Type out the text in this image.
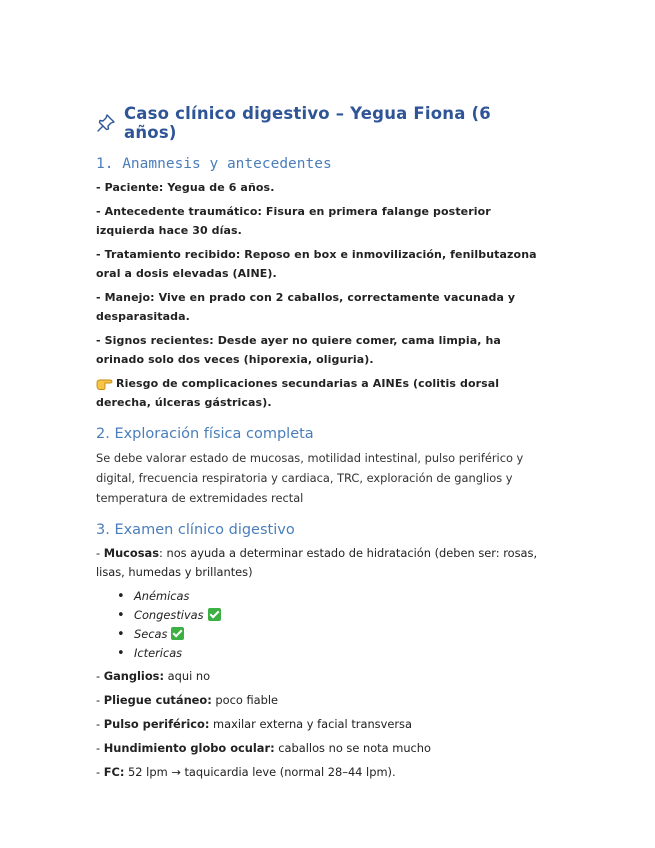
Caso clínico digestivo – Yegua Fiona (6 años)
1. Anamnesis y antecedentes
- Paciente: Yegua de 6 años.
- Antecedente traumático: Fisura en primera falange posterior izquierda hace 30 días.
- Tratamiento recibido: Reposo en box e inmovilización, fenilbutazona oral a dosis elevadas (AINE).
- Manejo: Vive en prado con 2 caballos, correctamente vacunada y desparasitada.
- Signos recientes: Desde ayer no quiere comer, cama limpia, ha orinado solo dos veces (hiporexia, oliguria).
Riesgo de complicaciones secundarias a AINEs (colitis dorsal derecha, úlceras gástricas).
2. Exploración física completa

Se debe valorar estado de mucosas, motilidad intestinal, pulso periférico y digital, frecuencia respiratoria y cardiaca, TRC, exploración de ganglios y temperatura de extremidades rectal

3. Examen clínico digestivo

- Mucosas: nos ayuda a determinar estado de hidratación (deben ser: rosas, lisas, humedas y brillantes)

• Anémicas
• Congestivas
• Secas
• Ictericas

- Ganglios: aqui no

- Pliegue cutáneo: poco fiable

- Pulso periférico: maxilar externa y facial transversa

- Hundimiento globo ocular: caballos no se nota mucho

- FC: 52 lpm → taquicardia leve (normal 28–44 lpm).
